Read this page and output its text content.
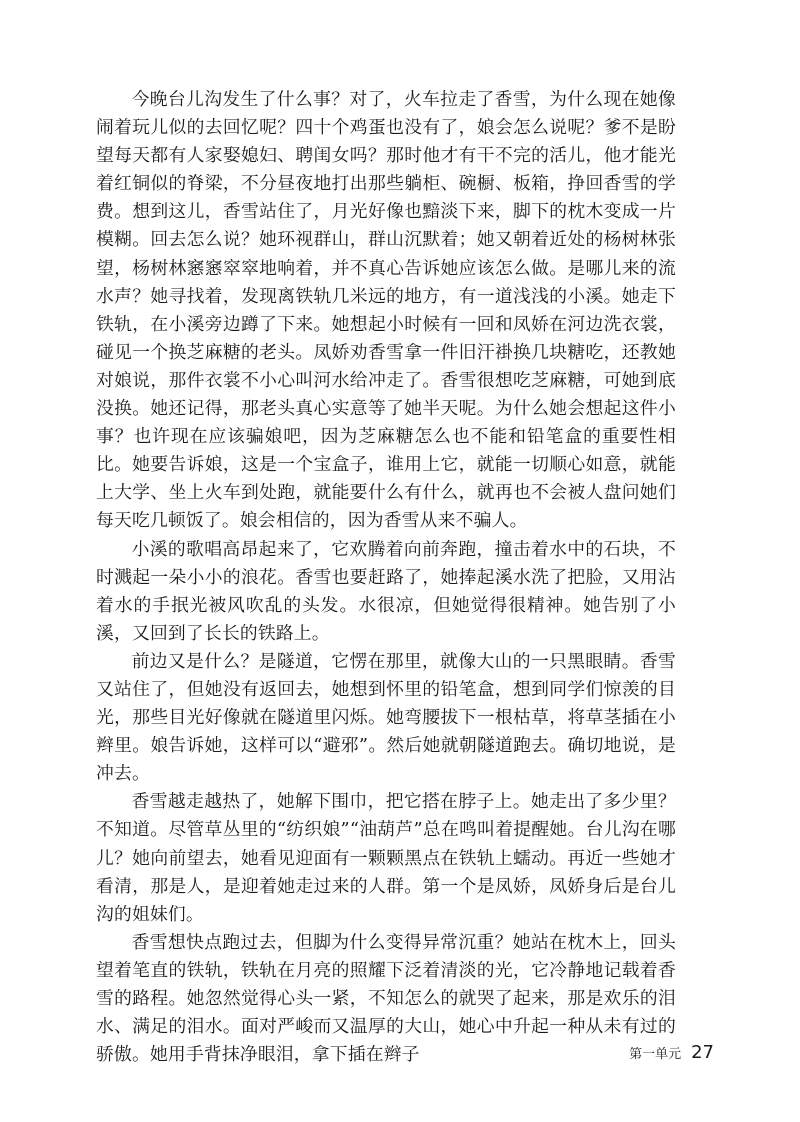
今晚台儿沟发生了什么事？对了，火车拉走了香雪，为什么现在她像闹着玩儿似的去回忆呢？四十个鸡蛋也没有了，娘会怎么说呢？爹不是盼望每天都有人家娶媳妇、聘闺女吗？那时他才有干不完的活儿，他才能光着红铜似的脊梁，不分昼夜地打出那些躺柜、碗橱、板箱，挣回香雪的学费。想到这儿，香雪站住了，月光好像也黯淡下来，脚下的枕木变成一片模糊。回去怎么说？她环视群山，群山沉默着；她又朝着近处的杨树林张望，杨树林窸窸窣窣地响着，并不真心告诉她应该怎么做。是哪儿来的流水声？她寻找着，发现离铁轨几米远的地方，有一道浅浅的小溪。她走下铁轨，在小溪旁边蹲了下来。她想起小时候有一回和凤娇在河边洗衣裳，碰见一个换芝麻糖的老头。凤娇劝香雪拿一件旧汗褂换几块糖吃，还教她对娘说，那件衣裳不小心叫河水给冲走了。香雪很想吃芝麻糖，可她到底没换。她还记得，那老头真心实意等了她半天呢。为什么她会想起这件小事？也许现在应该骗娘吧，因为芝麻糖怎么也不能和铅笔盒的重要性相比。她要告诉娘，这是一个宝盒子，谁用上它，就能一切顺心如意，就能上大学、坐上火车到处跑，就能要什么有什么，就再也不会被人盘问她们每天吃几顿饭了。娘会相信的，因为香雪从来不骗人。

小溪的歌唱高昂起来了，它欢腾着向前奔跑，撞击着水中的石块，不时溅起一朵小小的浪花。香雪也要赶路了，她捧起溪水洗了把脸，又用沾着水的手抿光被风吹乱的头发。水很凉，但她觉得很精神。她告别了小溪，又回到了长长的铁路上。

前边又是什么？是隧道，它愣在那里，就像大山的一只黑眼睛。香雪又站住了，但她没有返回去，她想到怀里的铅笔盒，想到同学们惊羡的目光，那些目光好像就在隧道里闪烁。她弯腰拔下一根枯草，将草茎插在小辫里。娘告诉她，这样可以“避邪”。然后她就朝隧道跑去。确切地说，是冲去。

香雪越走越热了，她解下围巾，把它搭在脖子上。她走出了多少里？不知道。尽管草丛里的“纺织娘”“油葫芦”总在鸣叫着提醒她。台儿沟在哪儿？她向前望去，她看见迎面有一颗颗黑点在铁轨上蠕动。再近一些她才看清，那是人，是迎着她走过来的人群。第一个是凤娇，凤娇身后是台儿沟的姐妹们。

香雪想快点跑过去，但脚为什么变得异常沉重？她站在枕木上，回头望着笔直的铁轨，铁轨在月亮的照耀下泛着清淡的光，它冷静地记载着香雪的路程。她忽然觉得心头一紧，不知怎么的就哭了起来，那是欢乐的泪水、满足的泪水。面对严峻而又温厚的大山，她心中升起一种从未有过的骄傲。她用手背抹净眼泪，拿下插在辫子	第一单元 27
